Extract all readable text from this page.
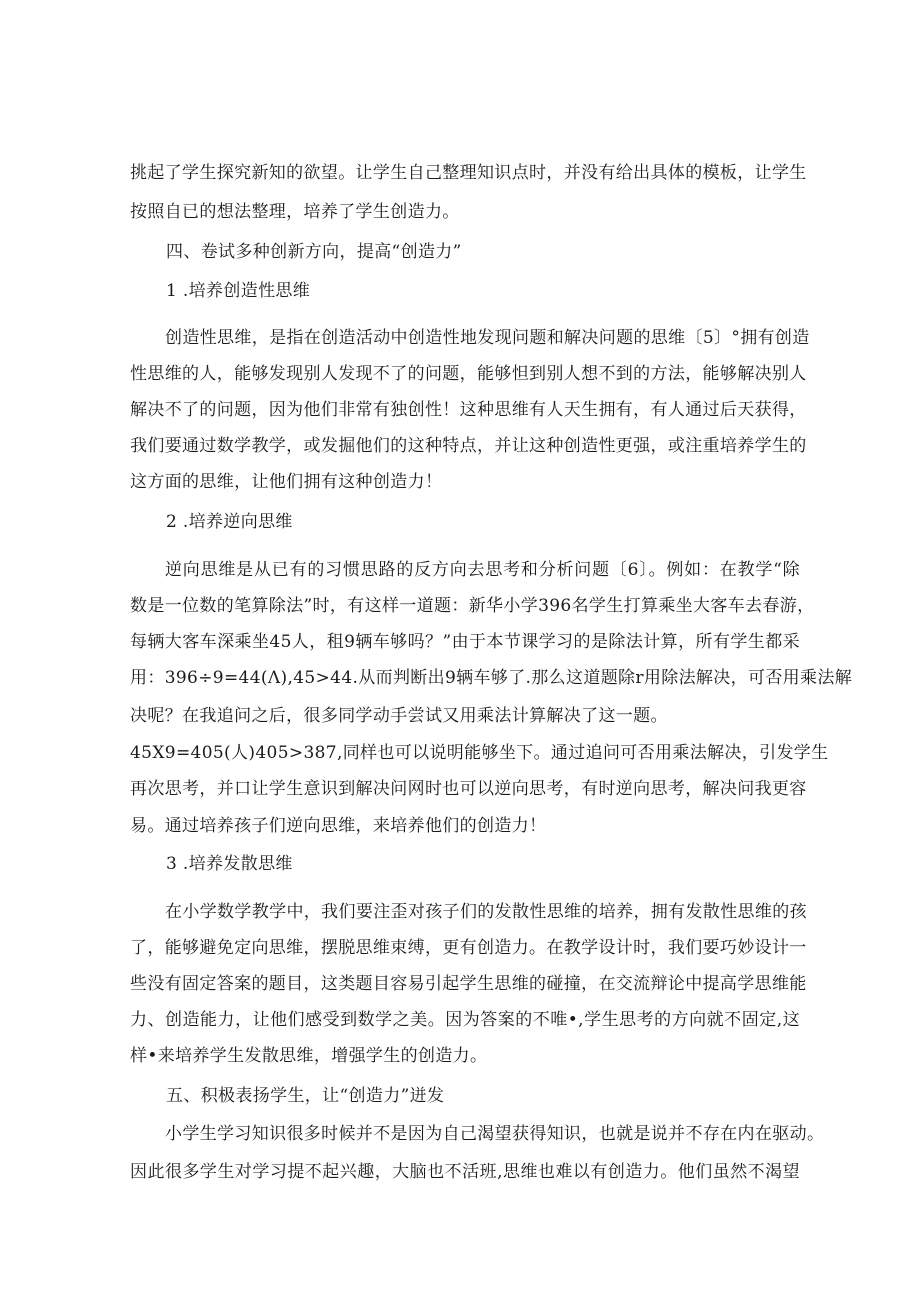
挑起了学生探究新知的欲望。让学生自己整理知识点时，并没有给出具体的模板，让学生
按照自已的想法整理，培养了学生创造力。
四、卷试多种创新方向，提高“创造力”
1 .培养创造性思维
创造性思维，是指在创造活动中创造性地发现问题和解决问题的思维〔5〕°拥有创造
性思维的人，能够发现别人发现不了的问题，能够怛到别人想不到的方法，能够解决别人
解决不了的问题，因为他们非常有独创性！这种思维有人天生拥有，有人通过后天获得，
我们要通过数学教学，或发掘他们的这种特点，并让这种创造性更强，或注重培养学生的
这方面的思维，让他们拥有这种创造力！
2 .培养逆向思维
逆向思维是从已有的习惯思路的反方向去思考和分析问题〔6〕。例如：在教学“除
数是一位数的笔算除法”时，有这样一道题：新华小学396名学生打算乘坐大客车去春游，
每辆大客车深乘坐45人，租9辆车够吗？”由于本节课学习的是除法计算，所有学生都采
用：396÷9=44(Λ),45>44.从而判断出9辆车够了.那么这道题除r用除法解决，可否用乘法解
决呢？在我追问之后，很多同学动手尝试又用乘法计算解决了这一题。
45X9=405(人)405>387,同样也可以说明能够坐下。通过追问可否用乘法解决，引发学生
再次思考，并口让学生意识到解决问网时也可以逆向思考，有时逆向思考，解决问我更容
易。通过培养孩子们逆向思维，来培养他们的创造力！
3 .培养发散思维
在小学数学教学中，我们要注歪对孩子们的发散性思维的培养，拥有发散性思维的孩
了，能够避免定向思维，摆脱思维束缚，更有创造力。在教学设计时，我们要巧妙设计一
些没有固定答案的题目，这类题目容易引起学生思维的碰撞，在交流辩论中提高学思维能
力、创造能力，让他们感受到数学之美。因为答案的不唯•,学生思考的方向就不固定,这
样•来培养学生发散思维，增强学生的创造力。
五、积极表扬学生，让“创造力”迸发
小学生学习知识很多时候并不是因为自己渴望获得知识，也就是说并不存在内在驱动。
因此很多学生对学习提不起兴趣，大脑也不活班,思维也难以有创造力。他们虽然不渴望
